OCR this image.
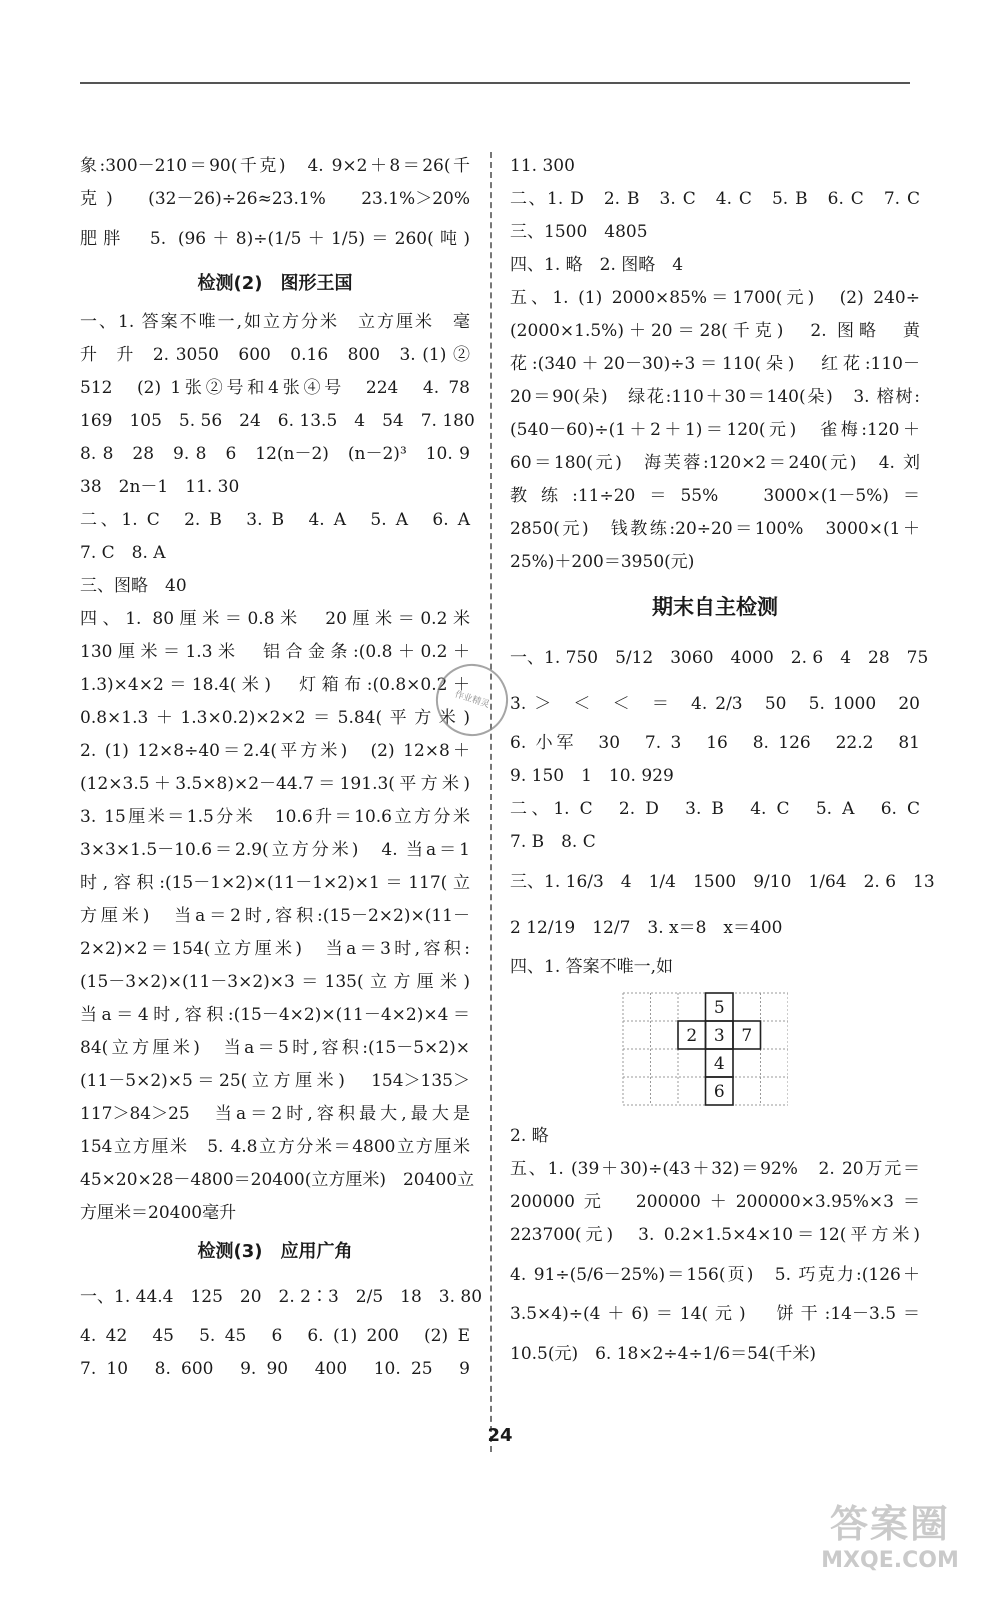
象:300－210＝90(千克)　4. 9×2＋8＝26(千
克)　(32－26)÷26≈23.1%　23.1%＞20%
肥胖　5. (96＋8)÷(1/5＋1/5)＝260(吨)
检测(2)　图形王国
一、1. 答案不唯一,如立方分米　立方厘米　毫
升　升　2. 3050　600　0.16　800　3. (1) ②
512　(2) 1张②号和4张④号　224　4. 78
169　105　5. 56　24　6. 13.5　4　54　7. 180
8. 8　28　9. 8　6　12(n－2)　(n－2)³　10. 9
38　2n－1　11. 30
二、1. C　2. B　3. B　4. A　5. A　6. A
7. C　8. A
三、图略　40
四、1. 80厘米＝0.8米　20厘米＝0.2米
130厘米＝1.3米　铝合金条:(0.8＋0.2＋
1.3)×4×2＝18.4(米)　灯箱布:(0.8×0.2＋
0.8×1.3＋1.3×0.2)×2×2＝5.84(平方米)
2. (1) 12×8÷40＝2.4(平方米)　(2) 12×8＋
(12×3.5＋3.5×8)×2－44.7＝191.3(平方米)
3. 15厘米＝1.5分米　10.6升＝10.6立方分米
3×3×1.5－10.6＝2.9(立方分米)　4. 当a＝1
时,容积:(15－1×2)×(11－1×2)×1＝117(立
方厘米)　当a＝2时,容积:(15－2×2)×(11－
2×2)×2＝154(立方厘米)　当a＝3时,容积:
(15－3×2)×(11－3×2)×3＝135(立方厘米)
当a＝4时,容积:(15－4×2)×(11－4×2)×4＝
84(立方厘米)　当a＝5时,容积:(15－5×2)×
(11－5×2)×5＝25(立方厘米)　154＞135＞
117＞84＞25　当a＝2时,容积最大,最大是
154立方厘米　5. 4.8立方分米＝4800立方厘米
45×20×28－4800＝20400(立方厘米)　20400立
方厘米＝20400毫升
检测(3)　应用广角
一、1. 44.4　125　20　2. 2∶3　2/5　18　3. 80
4. 42　45　5. 45　6　6. (1) 200　(2) E
7. 10　8. 600　9. 90　400　10. 25　9
11. 300
二、1. D　2. B　3. C　4. C　5. B　6. C　7. C
三、1500　4805
四、1. 略　2. 图略　4
五、1. (1) 2000×85%＝1700(元)　(2) 240÷
(2000×1.5%)＋20＝28(千克)　2. 图略　黄
花:(340＋20－30)÷3＝110(朵)　红花:110－
20＝90(朵)　绿花:110＋30＝140(朵)　3. 榕树:
(540－60)÷(1＋2＋1)＝120(元)　雀梅:120＋
60＝180(元)　海芙蓉:120×2＝240(元)　4. 刘
教练:11÷20＝55%　3000×(1－5%)＝
2850(元)　钱教练:20÷20＝100%　3000×(1＋
25%)＋200＝3950(元)
期末自主检测
一、1. 750　5/12　3060　4000　2. 6　4　28　75
3. ＞　＜　＜　＝　4. 2/3　50　5. 1000　20
6. 小军　30　7. 3　16　8. 126　22.2　81
9. 150　1　10. 929
二、1. C　2. D　3. B　4. C　5. A　6. C
7. B　8. C
三、1. 16/3　4　1/4　1500　9/10　1/64　2. 6　13
2 12/19　12/7　3. x＝8　x＝400
四、1. 答案不唯一,如
5
2 3 7
4
6
2. 略
五、1. (39＋30)÷(43＋32)＝92%　2. 20万元＝
200000元　200000＋200000×3.95%×3＝
223700(元)　3. 0.2×1.5×4×10＝12(平方米)
4. 91÷(5/6－25%)＝156(页)　5. 巧克力:(126＋
3.5×4)÷(4＋6)＝14(元)　饼干:14－3.5＝
10.5(元)　6. 18×2÷4÷1/6＝54(千米)
作业精灵
24
答案圈
MXQE.COM
